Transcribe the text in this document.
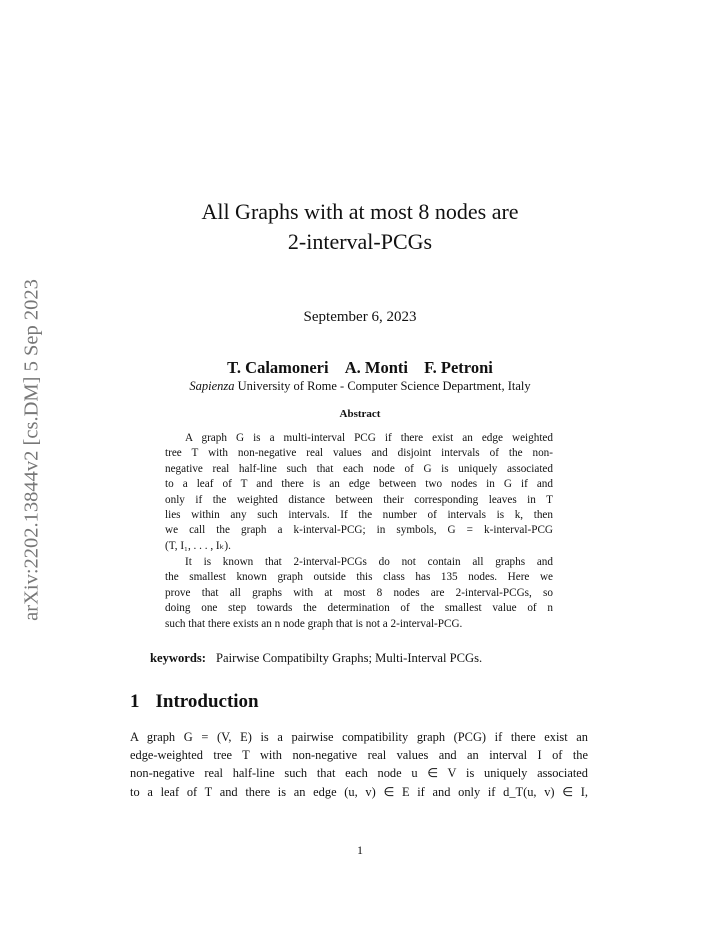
arXiv:2202.13844v2 [cs.DM] 5 Sep 2023
All Graphs with at most 8 nodes are
2-interval-PCGs
September 6, 2023
T. Calamoneri A. Monti F. Petroni
Sapienza University of Rome - Computer Science Department, Italy
Abstract
A graph G is a multi-interval PCG if there exist an edge weighted
tree T with non-negative real values and disjoint intervals of the non-
negative real half-line such that each node of G is uniquely associated
to a leaf of T and there is an edge between two nodes in G if and
only if the weighted distance between their corresponding leaves in T
lies within any such intervals. If the number of intervals is k, then
we call the graph a k-interval-PCG; in symbols, G = k-interval-PCG
(T, I₁, . . . , Iₖ).
It is known that 2-interval-PCGs do not contain all graphs and
the smallest known graph outside this class has 135 nodes. Here we
prove that all graphs with at most 8 nodes are 2-interval-PCGs, so
doing one step towards the determination of the smallest value of n
such that there exists an n node graph that is not a 2-interval-PCG.
keywords: Pairwise Compatibilty Graphs; Multi-Interval PCGs.
1 Introduction
A graph G = (V, E) is a pairwise compatibility graph (PCG) if there exist an
edge-weighted tree T with non-negative real values and an interval I of the
non-negative real half-line such that each node u ∈ V is uniquely associated
to a leaf of T and there is an edge (u, v) ∈ E if and only if d_T(u, v) ∈ I,
1
